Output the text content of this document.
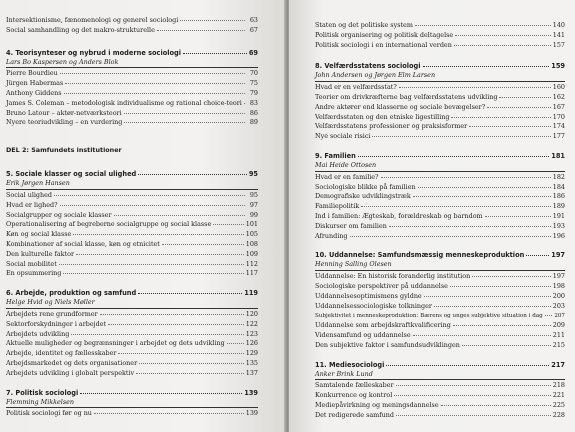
Intersektionisme, fænomenologi og generel sociologi	63
Social samhandling og det makro-strukturelle	67
4. Teorisynteser og nybrud i moderne sociologi	69
Lars Bo Kaspersen og Anders Blok
Pierre Bourdieu	70
Jürgen Habermas	75
Anthony Giddens	79
James S. Coleman – metodologisk individualisme og rational choice-teori	83
Bruno Latour – aktør-netværksteori	86
Nyere teoriudvikling – en vurdering	89
DEL 2: Samfundets institutioner
5. Sociale klasser og social ulighed	95
Erik Jørgen Hansen
Social ulighed	95
Hvad er lighed?	97
Socialgrupper og sociale klasser	99
Operationalisering af begreberne socialgruppe og social klasse	101
Køn og social klasse	105
Kombinationer af social klasse, køn og etnicitet	108
Den kulturelle faktor	109
Social mobilitet	112
En opsummering	117
6. Arbejde, produktion og samfund	119
Helge Hvid og Niels Møller
Arbejdets rene grundformer	120
Sektorforskydninger i arbejdet	122
Arbejdets udvikling	123
Aktuelle muligheder og begrænsninger i arbejdet og dets udvikling	126
Arbejde, identitet og fællesskaber	129
Arbejdsmarkedet og dets organisationer	135
Arbejdets udvikling i globalt perspektiv	137
7. Politisk sociologi	139
Flemming Mikkelsen
Politisk sociologi før og nu	139
Staten og det politiske system	140
Politisk organisering og politisk deltagelse	141
Politisk sociologi i en international verden	157
8. Velfærdsstatens sociologi	159
John Andersen og Jørgen Elm Larsen
Hvad er en velfærdsstat?	160
Teorier om drivkræfterne bag velfærdsstatens udvikling	162
Andre aktører end klasserne og sociale bevægelser?	167
Velfærdsstaten og den etniske ligestilling	170
Velfærdsstatens professioner og praksisformer	174
Nye sociale risici	177
9. Familien	181
Mai Heide Ottosen
Hvad er en familie?	182
Sociologiske blikke på familien	184
Demografiske udviklingstræk	186
Familiepolitik	189
Ind i familien: Ægteskab, forældreskab og barndom	191
Diskurser om familien	193
Afrunding	196
10. Uddannelse: Samfundsmæssig menneskeproduktion	197
Henning Salling Olesen
Uddannelse: En historisk foranderlig institution	197
Sociologiske perspektiver på uddannelse	198
Uddannelsesoptimismens gyldne	200
Uddannelsessociologiske tolkninger	203
Subjektivitet i menneskeproduktion: Bærens og unges subjektive situation i dag 207
Uddannelse som arbejdskraftkvalificering	209
Vidensamfund og uddannelse	211
Den subjektive faktor i samfundsudviklingen	215
11. Mediesociologi	217
Anker Brink Lund
Samtalende fælleskaber	218
Konkurrence og kontrol	221
Mediepåvirkning og meningsdannelse	225
Det redigerede samfund	228
